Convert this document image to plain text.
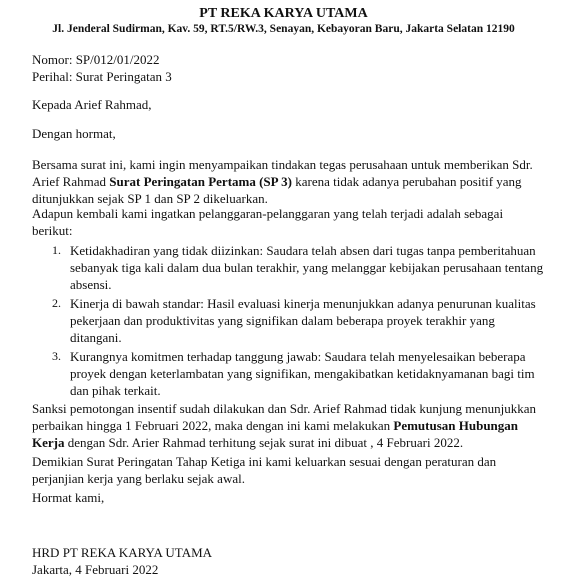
PT REKA KARYA UTAMA
Jl. Jenderal Sudirman, Kav. 59, RT.5/RW.3, Senayan, Kebayoran Baru, Jakarta Selatan 12190
Nomor: SP/012/01/2022
Perihal: Surat Peringatan 3
Kepada Arief Rahmad,
Dengan hormat,

Bersama surat ini, kami ingin menyampaikan tindakan tegas perusahaan untuk memberikan Sdr. Arief Rahmad Surat Peringatan Pertama (SP 3) karena tidak adanya perubahan positif yang ditunjukkan sejak SP 1 dan SP 2 dikeluarkan.

Adapun kembali kami ingatkan pelanggaran-pelanggaran yang telah terjadi adalah sebagai berikut:

1. Ketidakhadiran yang tidak diizinkan: Saudara telah absen dari tugas tanpa pemberitahuan sebanyak tiga kali dalam dua bulan terakhir, yang melanggar kebijakan perusahaan tentang absensi.
2. Kinerja di bawah standar: Hasil evaluasi kinerja menunjukkan adanya penurunan kualitas pekerjaan dan produktivitas yang signifikan dalam beberapa proyek terakhir yang ditangani.
3. Kurangnya komitmen terhadap tanggung jawab: Saudara telah menyelesaikan beberapa proyek dengan keterlambatan yang signifikan, mengakibatkan ketidaknyamanan bagi tim dan pihak terkait.

Sanksi pemotongan insentif sudah dilakukan dan Sdr. Arief Rahmad tidak kunjung menunjukkan perbaikan hingga 1 Februari 2022, maka dengan ini kami melakukan Pemutusan Hubungan Kerja dengan Sdr. Arier Rahmad terhitung sejak surat ini dibuat , 4 Februari 2022.

Demikian Surat Peringatan Tahap Ketiga ini kami keluarkan sesuai dengan peraturan dan perjanjian kerja yang berlaku sejak awal.

Hormat kami,
HRD PT REKA KARYA UTAMA
Jakarta, 4 Februari 2022
